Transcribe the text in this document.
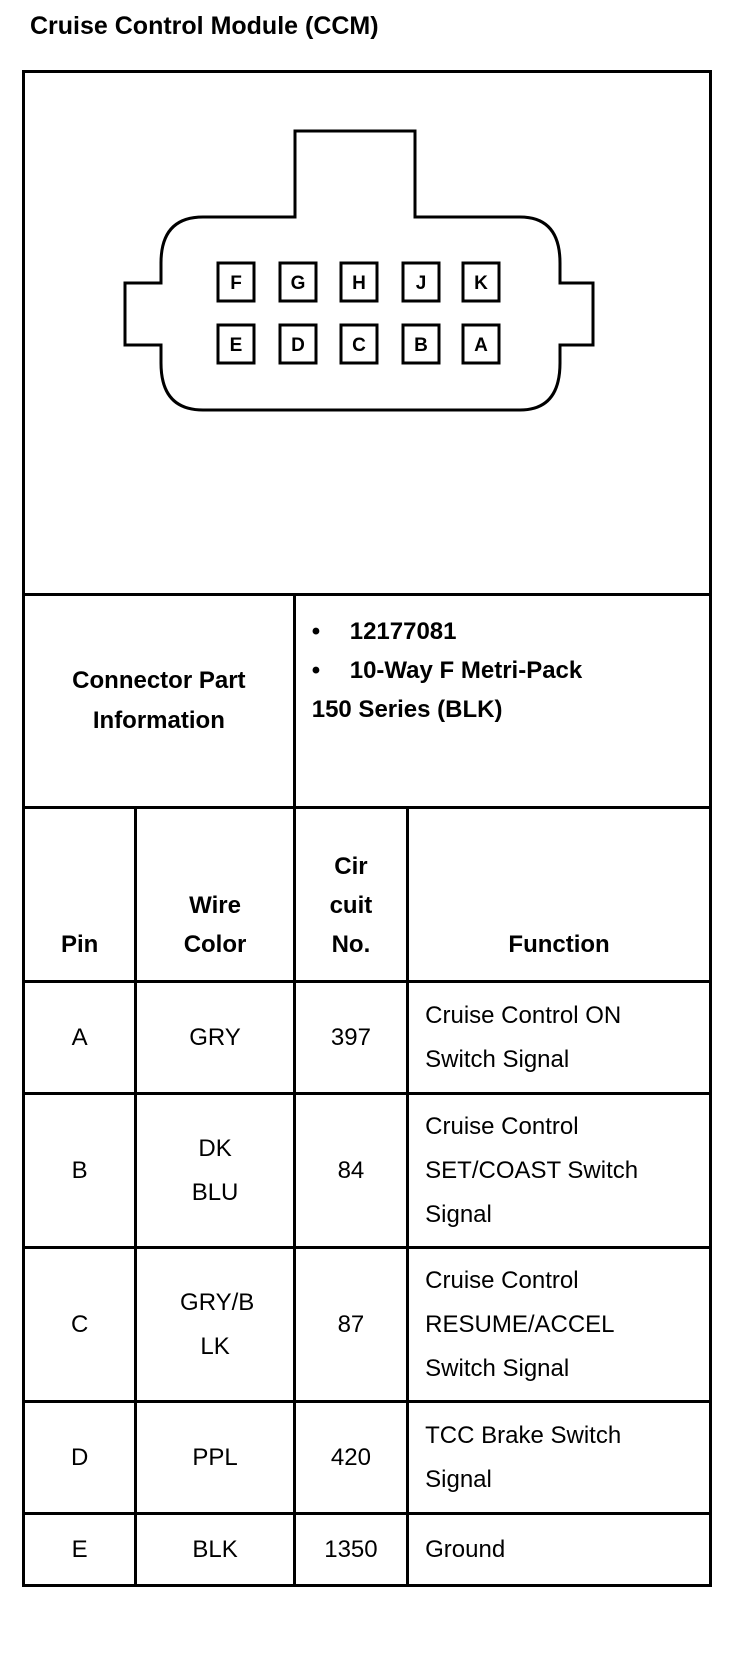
Cruise Control Module (CCM)
F	G H	J	K
E	D C	B A
Connector Part Information		• 12177081
• 10-Way F Metri-Pack
150 Series (BLK)	

Pin	Wire Color	Cir cuit No.	Function

A	GRY	397	Cruise Control ON Switch Signal

B	DK BLU	84	Cruise Control SET/COAST Switch Signal

C	GRY/B LK	87	Cruise Control RESUME/ACCEL Switch Signal

D	PPL	420	TCC Brake Switch Signal

E	BLK	1350	Ground
